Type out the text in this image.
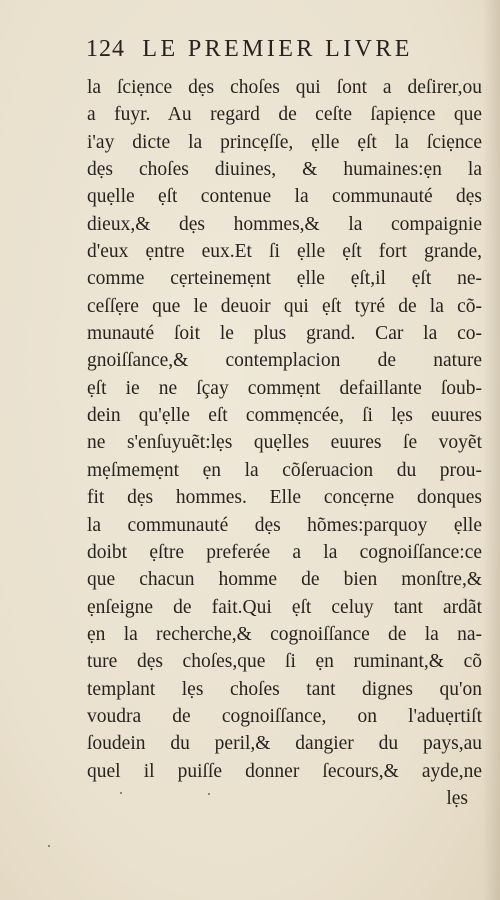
124 LE PREMIER LIVRE
la ſciẹnce dẹs choſes qui ſont a deſirer,ou
a fuyr. Au regard de ceſte ſapiẹnce que
i'ay dicte la princẹſſe, ẹlle ẹſt la ſciẹnce
dẹs choſes diuines, & humaines:ẹn la
quẹlle ẹſt contenue la communauté dẹs
dieux,& dẹs hommes,& la compaignie
d'eux ẹntre eux.Et ſi ẹlle ẹſt fort grande,
comme cẹrteinemẹnt ẹlle ẹſt,il ẹſt ne-
ceſſẹre que le deuoir qui ẹſt tyré de la cõ-
munauté ſoit le plus grand. Car la co-
gnoiſſance,& contemplacion de nature
ẹſt ie ne ſçay commẹnt defaillante ſoub-
dein qu'ẹlle eſt commẹncée, ſi lẹs euures
ne s'enſuyuẽt:lẹs quẹlles euures ſe voyẽt
mẹſmemẹnt ẹn la cõſeruacion du prou-
fit dẹs hommes. Elle concẹrne donques
la communauté dẹs hõmes:parquoy ẹlle
doibt ẹſtre preferée a la cognoiſſance:ce
que chacun homme de bien monſtre,&
ẹnſeigne de fait.Qui ẹſt celuy tant ardãt
ẹn la recherche,& cognoiſſance de la na-
ture dẹs choſes,que ſi ẹn ruminant,& cõ
templant lẹs choſes tant dignes qu'on
voudra de cognoiſſance, on l'aduẹrtiſt
ſoudein du peril,& dangier du pays,au
quel il puiſſe donner ſecours,& ayde,ne
lẹs
